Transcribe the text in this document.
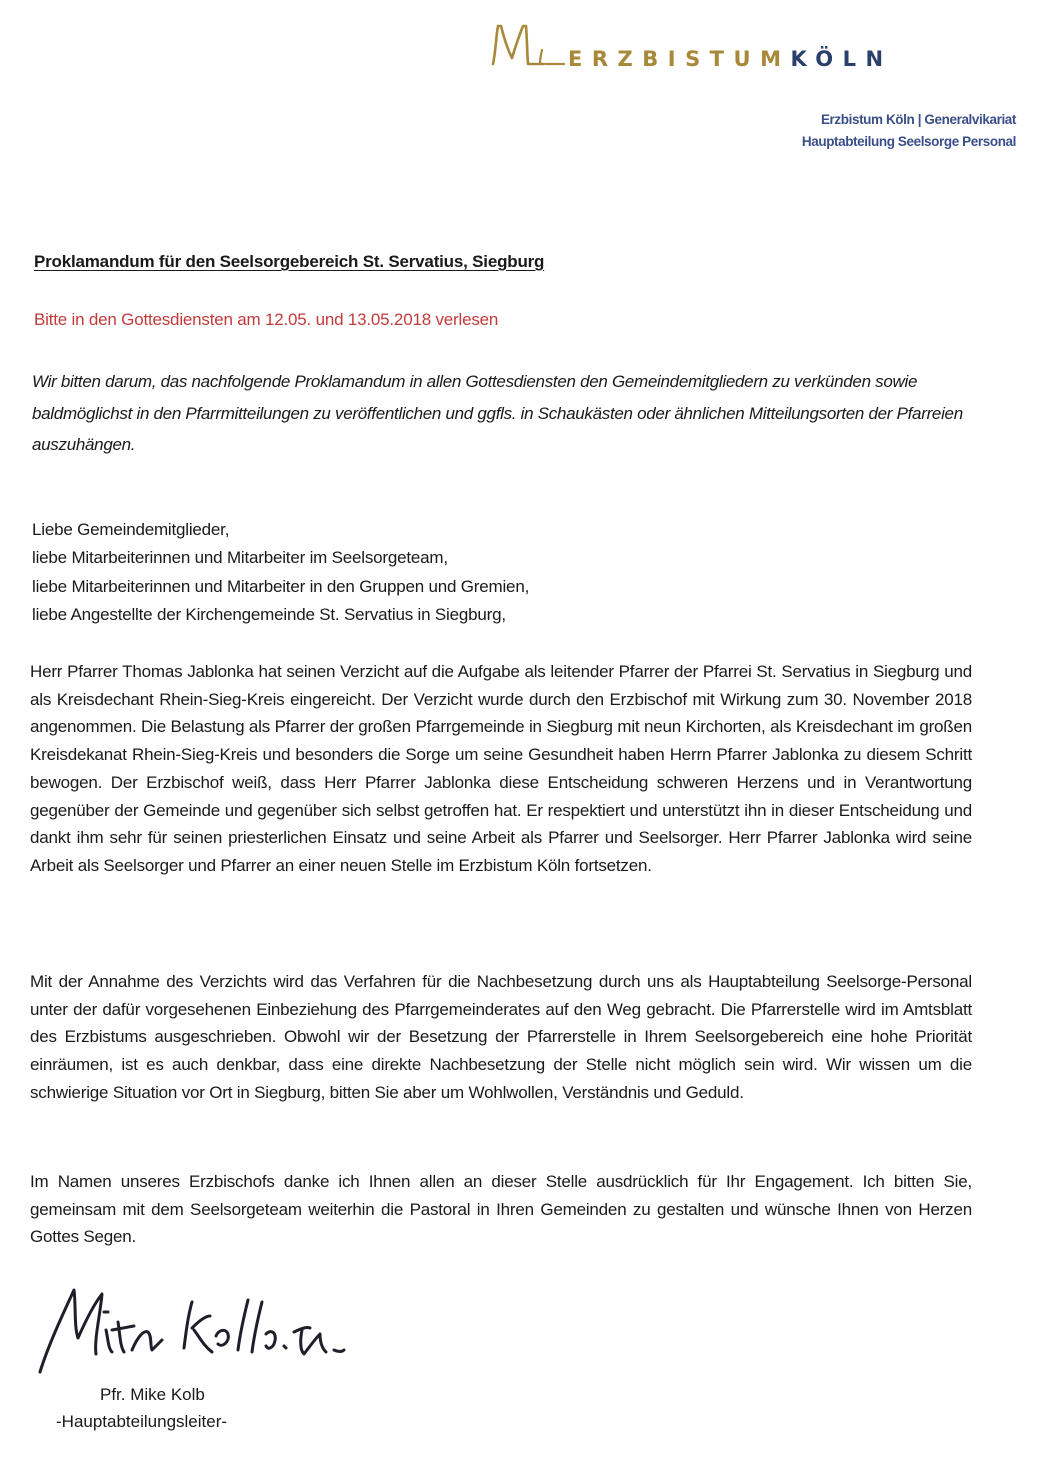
ERZBISTUMKÖLN
Erzbistum Köln | Generalvikariat
Hauptabteilung Seelsorge Personal
Proklamandum für den Seelsorgebereich St. Servatius, Siegburg
Bitte in den Gottesdiensten am 12.05. und 13.05.2018 verlesen
Wir bitten darum, das nachfolgende Proklamandum in allen Gottesdiensten den Gemeindemitgliedern zu verkünden sowie baldmöglichst in den Pfarrmitteilungen zu veröffentlichen und ggfls. in Schaukästen oder ähnlichen Mitteilungsorten der Pfarreien auszuhängen.
Liebe Gemeindemitglieder,
liebe Mitarbeiterinnen und Mitarbeiter im Seelsorgeteam,
liebe Mitarbeiterinnen und Mitarbeiter in den Gruppen und Gremien,
liebe Angestellte der Kirchengemeinde St. Servatius in Siegburg,
Herr Pfarrer Thomas Jablonka hat seinen Verzicht auf die Aufgabe als leitender Pfarrer der Pfarrei St. Servatius in Siegburg und als Kreisdechant Rhein-Sieg-Kreis eingereicht. Der Verzicht wurde durch den Erzbischof mit Wirkung zum 30. November 2018 angenommen. Die Belastung als Pfarrer der großen Pfarrgemeinde in Siegburg mit neun Kirchorten, als Kreisdechant im großen Kreisdekanat Rhein-Sieg-Kreis und besonders die Sorge um seine Gesundheit haben Herrn Pfarrer Jablonka zu diesem Schritt bewogen. Der Erzbischof weiß, dass Herr Pfarrer Jablonka diese Entscheidung schweren Herzens und in Verantwortung gegenüber der Gemeinde und gegenüber sich selbst getroffen hat. Er respektiert und unterstützt ihn in dieser Entscheidung und dankt ihm sehr für seinen priesterlichen Einsatz und seine Arbeit als Pfarrer und Seelsorger. Herr Pfarrer Jablonka wird seine Arbeit als Seelsorger und Pfarrer an einer neuen Stelle im Erzbistum Köln fortsetzen.
Mit der Annahme des Verzichts wird das Verfahren für die Nachbesetzung durch uns als Hauptabteilung Seelsorge-Personal unter der dafür vorgesehenen Einbeziehung des Pfarrgemeinderates auf den Weg gebracht. Die Pfarrerstelle wird im Amtsblatt des Erzbistums ausgeschrieben. Obwohl wir der Besetzung der Pfarrerstelle in Ihrem Seelsorgebereich eine hohe Priorität einräumen, ist es auch denkbar, dass eine direkte Nachbesetzung der Stelle nicht möglich sein wird. Wir wissen um die schwierige Situation vor Ort in Siegburg, bitten Sie aber um Wohlwollen, Verständnis und Geduld.
Im Namen unseres Erzbischofs danke ich Ihnen allen an dieser Stelle ausdrücklich für Ihr Engagement. Ich bitten Sie, gemeinsam mit dem Seelsorgeteam weiterhin die Pastoral in Ihren Gemeinden zu gestalten und wünsche Ihnen von Herzen Gottes Segen.
Pfr. Mike Kolb
-Hauptabteilungsleiter-
